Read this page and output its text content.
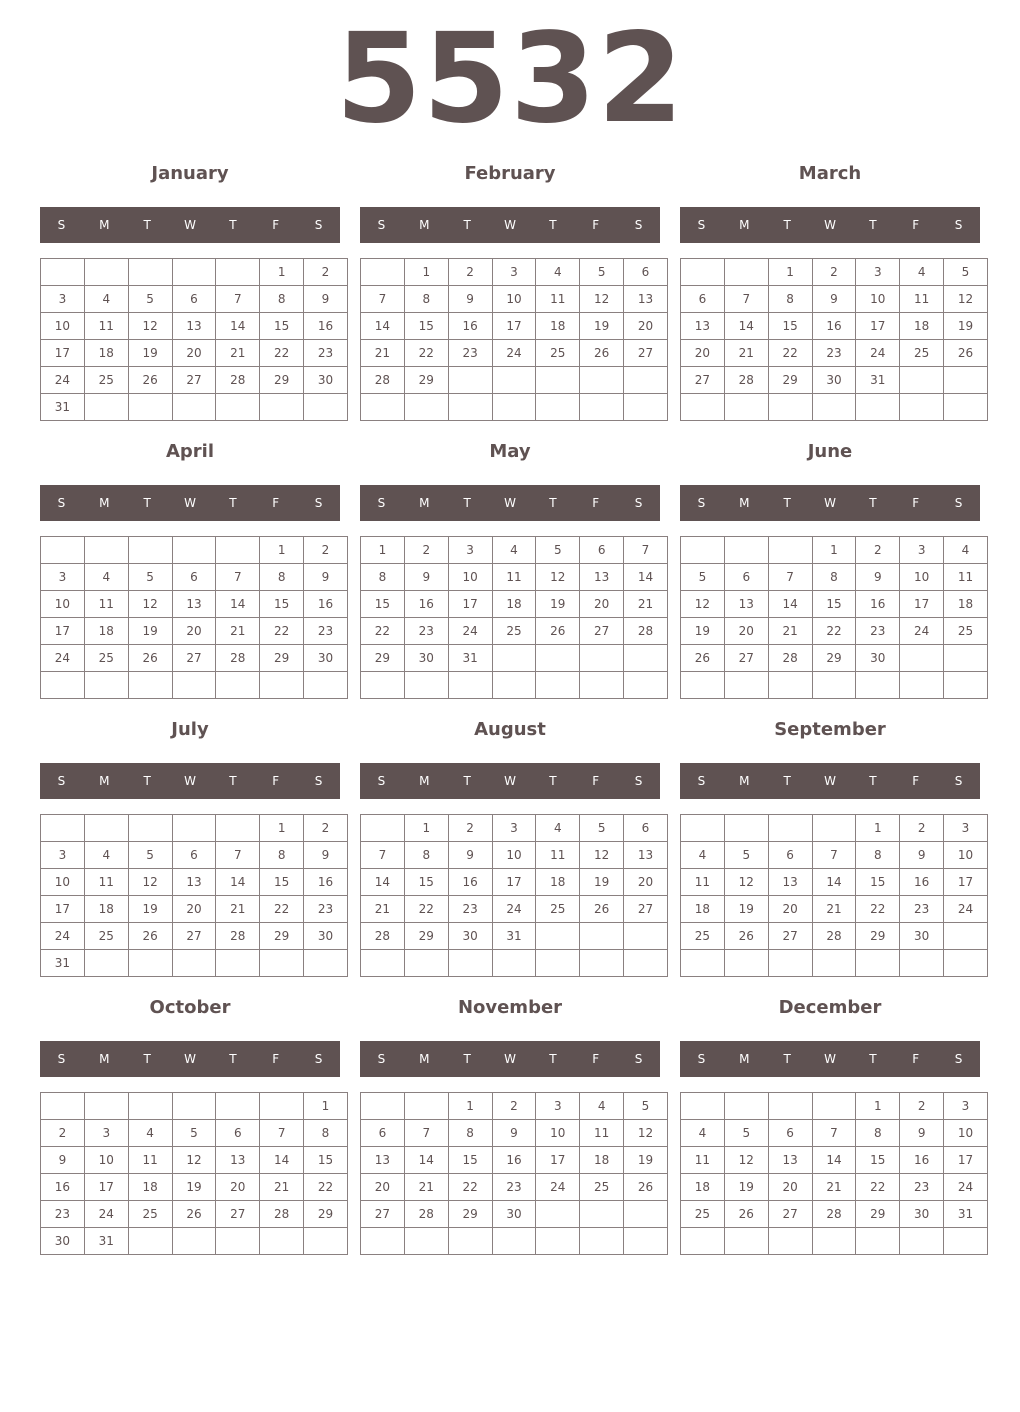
5532
January
S	M	T	W	T	F	S
					1	2
3	4	5	6	7	8	9
10	11	12	13	14	15	16
17	18	19	20	21	22	23
24	25	26	27	28	29	30
31						
February
S	M	T	W	T	F	S
	1	2	3	4	5	6
7	8	9	10	11	12	13
14	15	16	17	18	19	20
21	22	23	24	25	26	27
28	29					

March
S	M	T	W	T	F	S
		1	2	3	4	5
6	7	8	9	10	11	12
13	14	15	16	17	18	19
20	21	22	23	24	25	26
27	28	29	30	31		

April
S	M	T	W	T	F	S
					1	2
3	4	5	6	7	8	9
10	11	12	13	14	15	16
17	18	19	20	21	22	23
24	25	26	27	28	29	30

May
S	M	T	W	T	F	S
1	2	3	4	5	6	7
8	9	10	11	12	13	14
15	16	17	18	19	20	21
22	23	24	25	26	27	28
29	30	31				

June
S	M	T	W	T	F	S
			1	2	3	4
5	6	7	8	9	10	11
12	13	14	15	16	17	18
19	20	21	22	23	24	25
26	27	28	29	30		

July
S	M	T	W	T	F	S
					1	2
3	4	5	6	7	8	9
10	11	12	13	14	15	16
17	18	19	20	21	22	23
24	25	26	27	28	29	30
31						
August
S	M	T	W	T	F	S
	1	2	3	4	5	6
7	8	9	10	11	12	13
14	15	16	17	18	19	20
21	22	23	24	25	26	27
28	29	30	31			

September
S	M	T	W	T	F	S
				1	2	3
4	5	6	7	8	9	10
11	12	13	14	15	16	17
18	19	20	21	22	23	24
25	26	27	28	29	30	

October
S	M	T	W	T	F	S
						1
2	3	4	5	6	7	8
9	10	11	12	13	14	15
16	17	18	19	20	21	22
23	24	25	26	27	28	29
30	31					
November
S	M	T	W	T	F	S
		1	2	3	4	5
6	7	8	9	10	11	12
13	14	15	16	17	18	19
20	21	22	23	24	25	26
27	28	29	30			

December
S	M	T	W	T	F	S
				1	2	3
4	5	6	7	8	9	10
11	12	13	14	15	16	17
18	19	20	21	22	23	24
25	26	27	28	29	30	31
